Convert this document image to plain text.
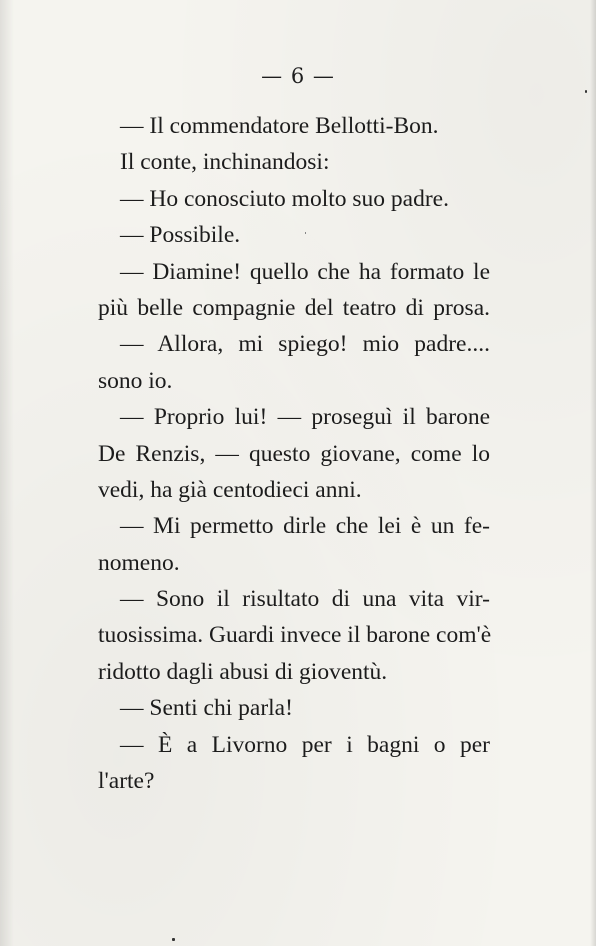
— 6 —
— Il commendatore Bellotti-Bon.
Il conte, inchinandosi:
— Ho conosciuto molto suo padre.
— Possibile.
— Diamine! quello che ha formato le
più belle compagnie del teatro di prosa.
— Allora, mi spiego! mio padre....
sono io.
— Proprio lui! — proseguì il barone
De Renzis, — questo giovane, come lo
vedi, ha già centodieci anni.
— Mi permetto dirle che lei è un fe-
nomeno.
— Sono il risultato di una vita vir-
tuosissima. Guardi invece il barone com'è
ridotto dagli abusi di gioventù.
— Senti chi parla!
— È a Livorno per i bagni o per
l'arte?
